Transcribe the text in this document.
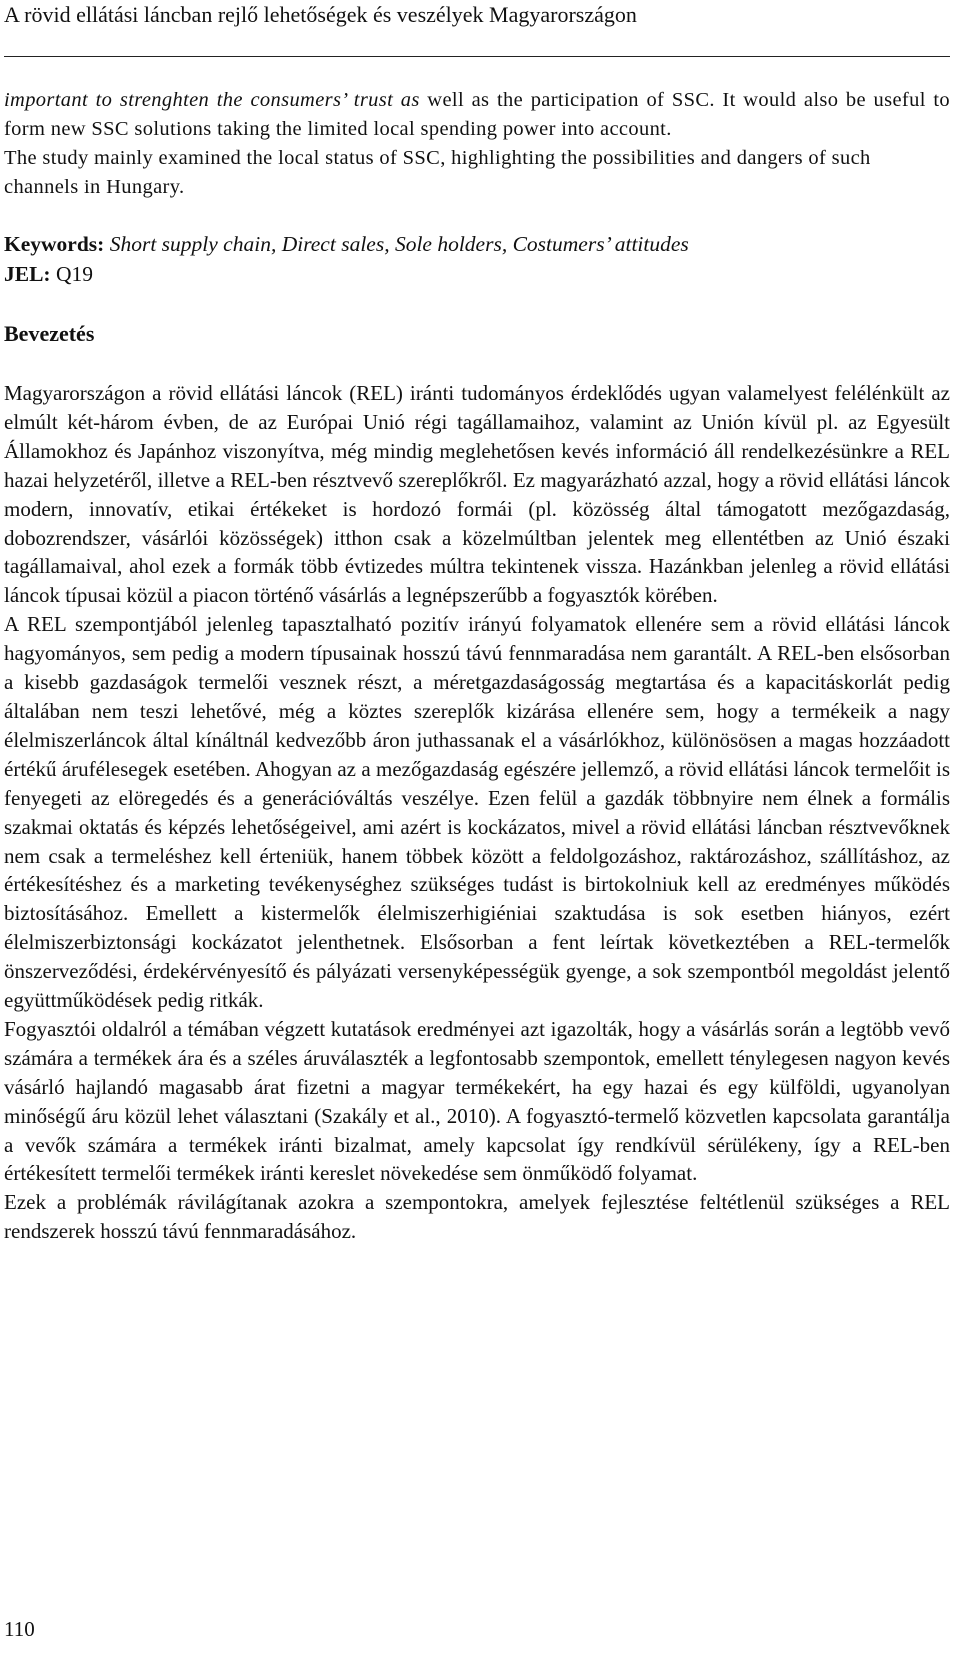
A rövid ellátási láncban rejlő lehetőségek és veszélyek Magyarországon

important to strenghten the consumers’ trust as well as the participation of SSC. It would also be useful to form new SSC solutions taking the limited local spending power into account.

The study mainly examined the local status of SSC, highlighting the possibilities and dangers of such channels in Hungary.

Keywords: Short supply chain, Direct sales, Sole holders, Costumers’ attitudes
JEL: Q19
Bevezetés

Magyarországon a rövid ellátási láncok (REL) iránti tudományos érdeklődés ugyan valamelyest felélénkült az elmúlt két-három évben, de az Európai Unió régi tagállamaihoz, valamint az Unión kívül pl. az Egyesült Államokhoz és Japánhoz viszonyítva, még mindig meglehetősen kevés információ áll rendelkezésünkre a REL hazai helyzetéről, illetve a REL-ben résztvevő szereplőkről. Ez magyarázható azzal, hogy a rövid ellátási láncok modern, innovatív, etikai értékeket is hordozó formái (pl. közösség által támogatott mezőgazdaság, dobozrendszer, vásárlói közösségek) itthon csak a közelmúltban jelentek meg ellentétben az Unió északi tagállamaival, ahol ezek a formák több évtizedes múltra tekintenek vissza. Hazánkban jelenleg a rövid ellátási láncok típusai közül a piacon történő vásárlás a legnépszerűbb a fogyasztók körében.

A REL szempontjából jelenleg tapasztalható pozitív irányú folyamatok ellenére sem a rövid ellátási láncok hagyományos, sem pedig a modern típusainak hosszú távú fennmaradása nem garantált. A REL-ben elsősorban a kisebb gazdaságok termelői vesznek részt, a méretgazdaságosság megtartása és a kapacitáskorlát pedig általában nem teszi lehetővé, még a köztes szereplők kizárása ellenére sem, hogy a termékeik a nagy élelmiszerláncok által kínáltnál kedvezőbb áron juthassanak el a vásárlókhoz, különösösen a magas hozzáadott értékű árufélesegek esetében. Ahogyan az a mezőgazdaság egészére jellemző, a rövid ellátási láncok termelőit is fenyegeti az elöregedés és a generációváltás veszélye. Ezen felül a gazdák többnyire nem élnek a formális szakmai oktatás és képzés lehetőségeivel, ami azért is kockázatos, mivel a rövid ellátási láncban résztvevőknek nem csak a termeléshez kell érteniük, hanem többek között a feldolgozáshoz, raktározáshoz, szállításhoz, az értékesítéshez és a marketing tevékenységhez szükséges tudást is birtokolniuk kell az eredményes működés biztosításához. Emellett a kistermelők élelmiszerhigiéniai szaktudása is sok esetben hiányos, ezért élelmiszerbiztonsági kockázatot jelenthetnek. Elsősorban a fent leírtak következtében a REL-termelők önszerveződési, érdekérvényesítő és pályázati versenyképességük gyenge, a sok szempontból megoldást jelentő együttműködések pedig ritkák.

Fogyasztói oldalról a témában végzett kutatások eredményei azt igazolták, hogy a vásárlás során a legtöbb vevő számára a termékek ára és a széles áruválaszték a legfontosabb szempontok, emellett ténylegesen nagyon kevés vásárló hajlandó magasabb árat fizetni a magyar termékekért, ha egy hazai és egy külföldi, ugyanolyan minőségű áru közül lehet választani (Szakály et al., 2010). A fogyasztó-termelő közvetlen kapcsolata garantálja a vevők számára a termékek iránti bizalmat, amely kapcsolat így rendkívül sérülékeny, így a REL-ben értékesített termelői termékek iránti kereslet növekedése sem önműködő folyamat.

Ezek a problémák rávilágítanak azokra a szempontokra, amelyek fejlesztése feltétlenül szükséges a REL rendszerek hosszú távú fennmaradásához.

110
